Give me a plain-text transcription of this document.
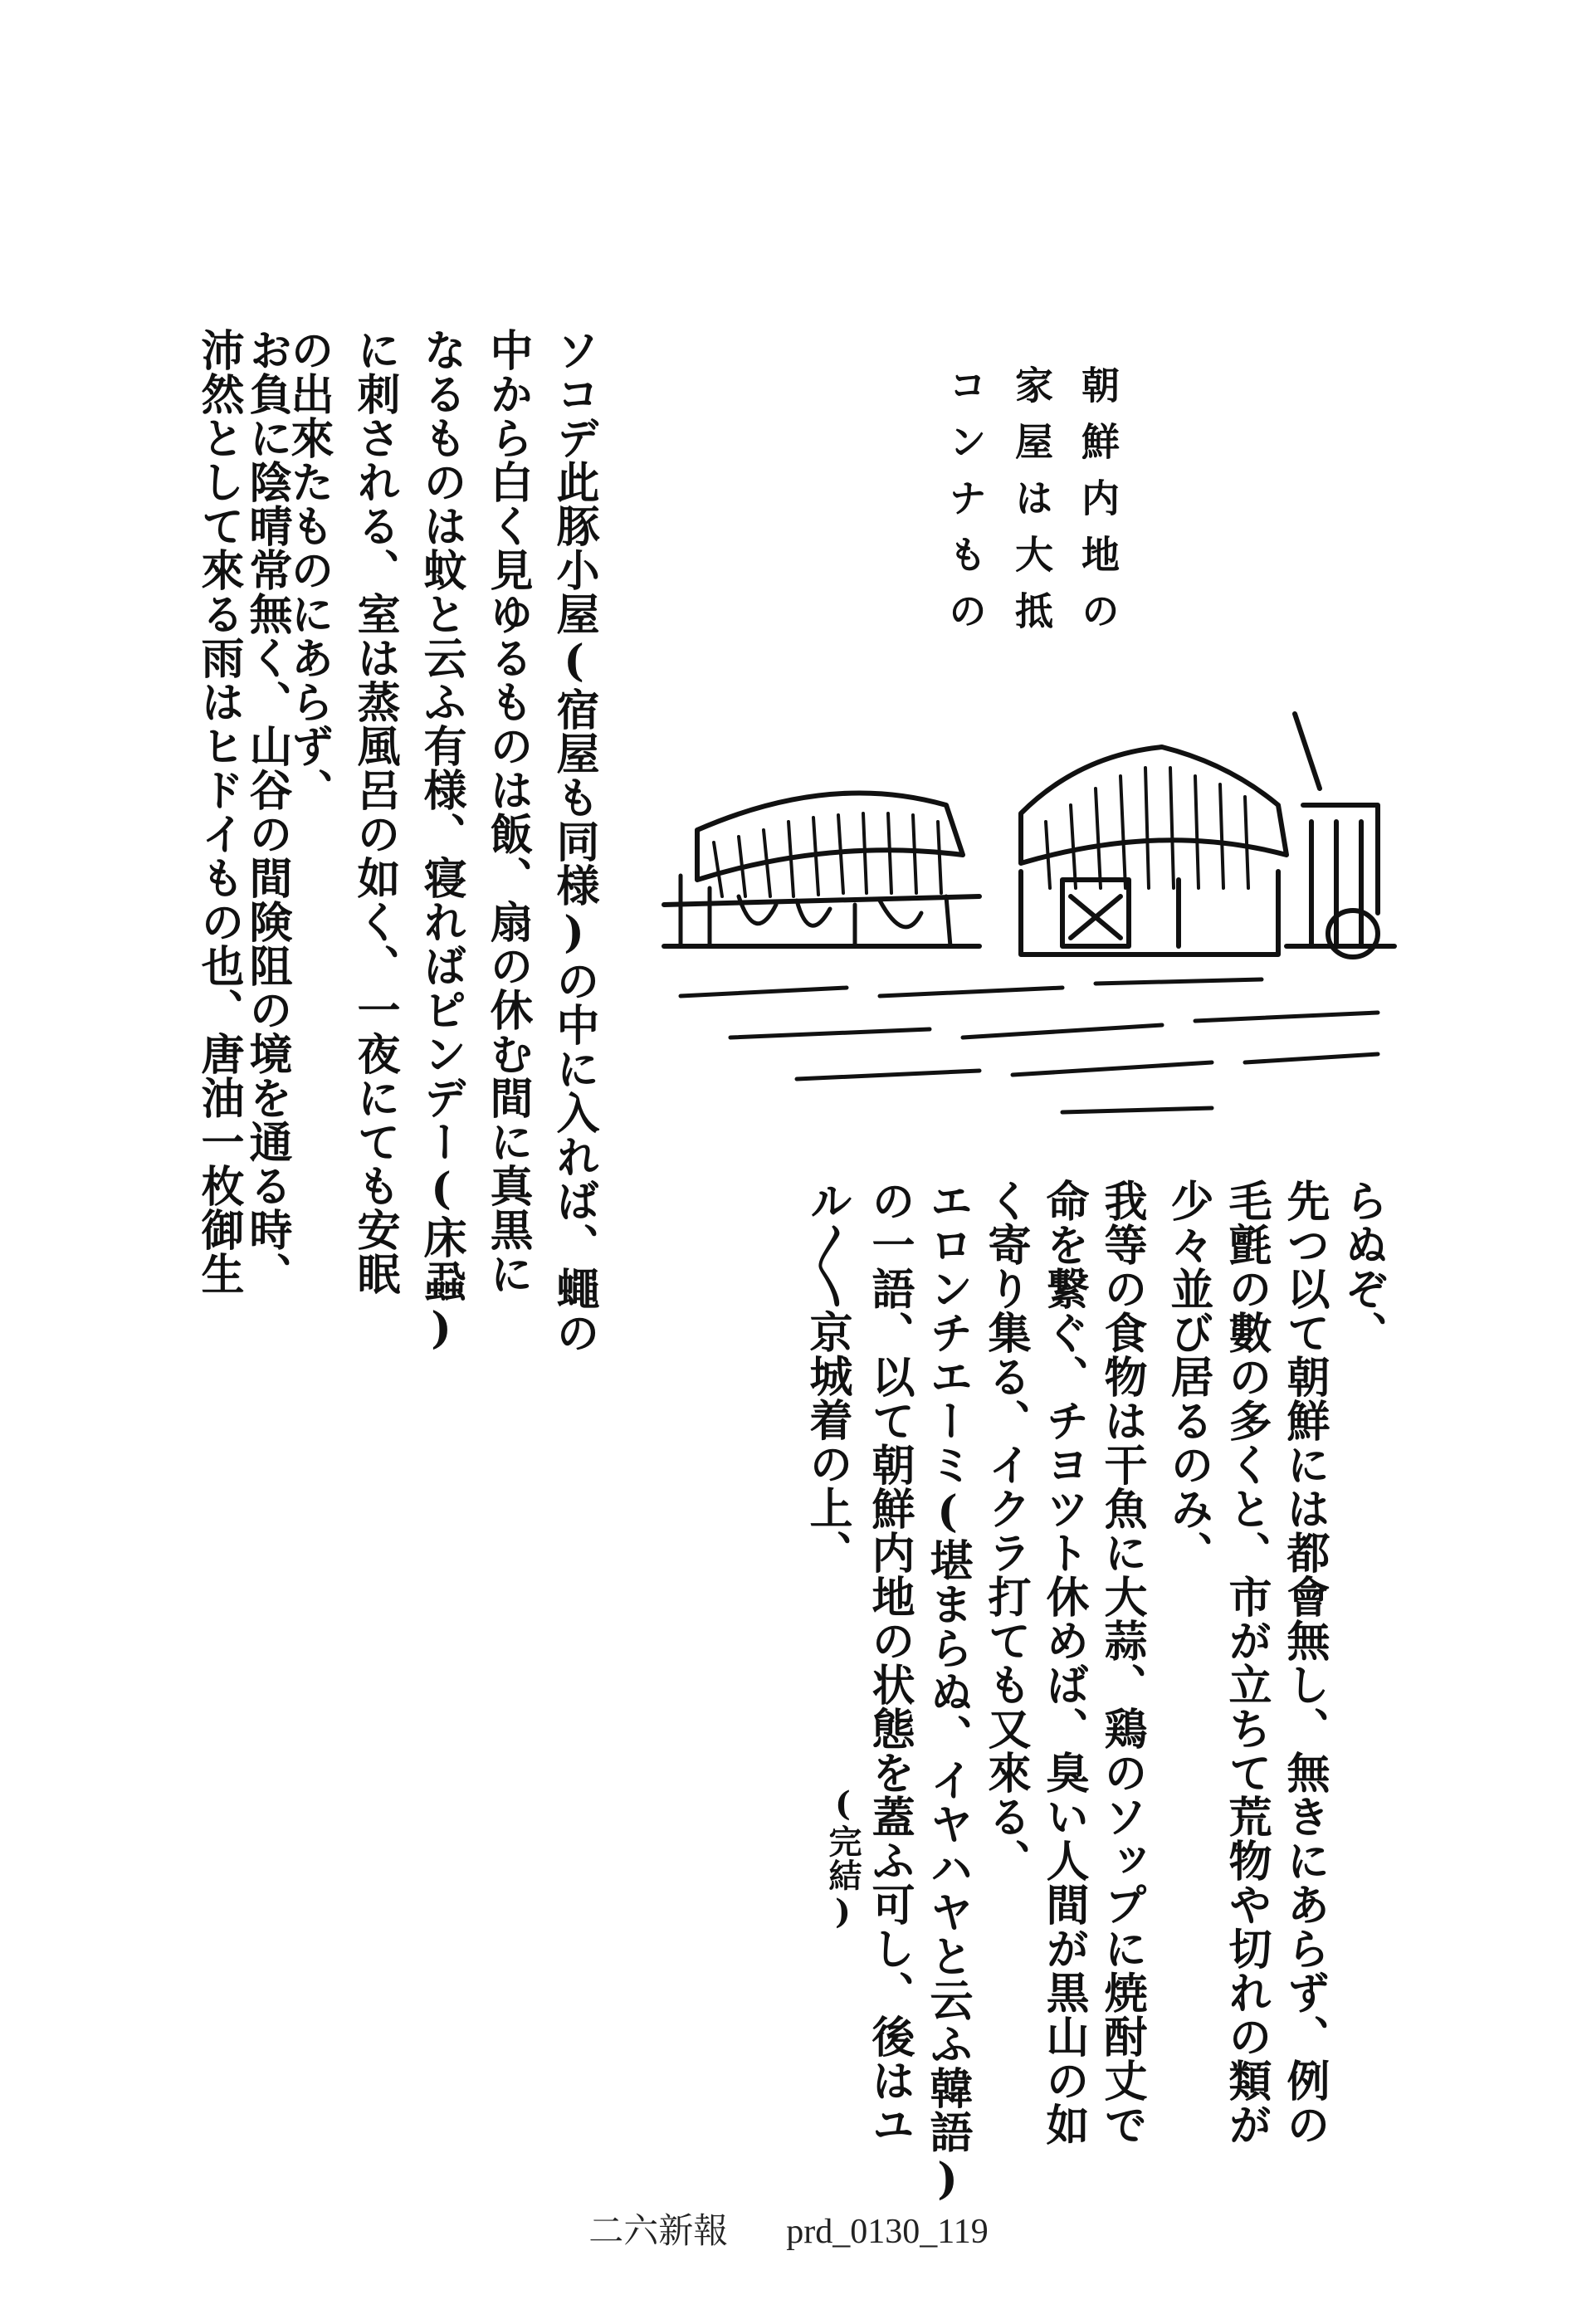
朝鮮内地の
家屋は大抵
コンナもの
ソコデ此豚小屋(宿屋も同様)の中に入れば、蠅の
中から白く見ゆるものは飯、扇の休む間に真黒に
なるものは蚊と云ふ有様、寝ればピンデー(床蝨)
に刺される、室は蒸風呂の如く、一夜にても安眠
の出來たものにあらず、
お負に陰晴常無く、山谷の間険阻の境を通る時、
沛然として來る雨はヒドイもの也、唐油一枚御生	らぬぞ、
先つ以て朝鮮には都會無し、無きにあらず、例の
毛氈の數の多くと、市が立ちて荒物や切れの類が
少々並び居るのみ、
我等の食物は干魚に大蒜、鶏のソップに焼酎丈で
命を繋ぐ、チヨツト休めば、臭い人間が黒山の如
く寄り集る、イクラ打ても又來る、
エロンチエーミ(堪まらぬ、イヤハヤと云ふ韓語)
の一語、以て朝鮮内地の状態を蓋ふ可し、後はユ
ル〳〵京城着の上、
(完結)
二六新報 prd_0130_119
